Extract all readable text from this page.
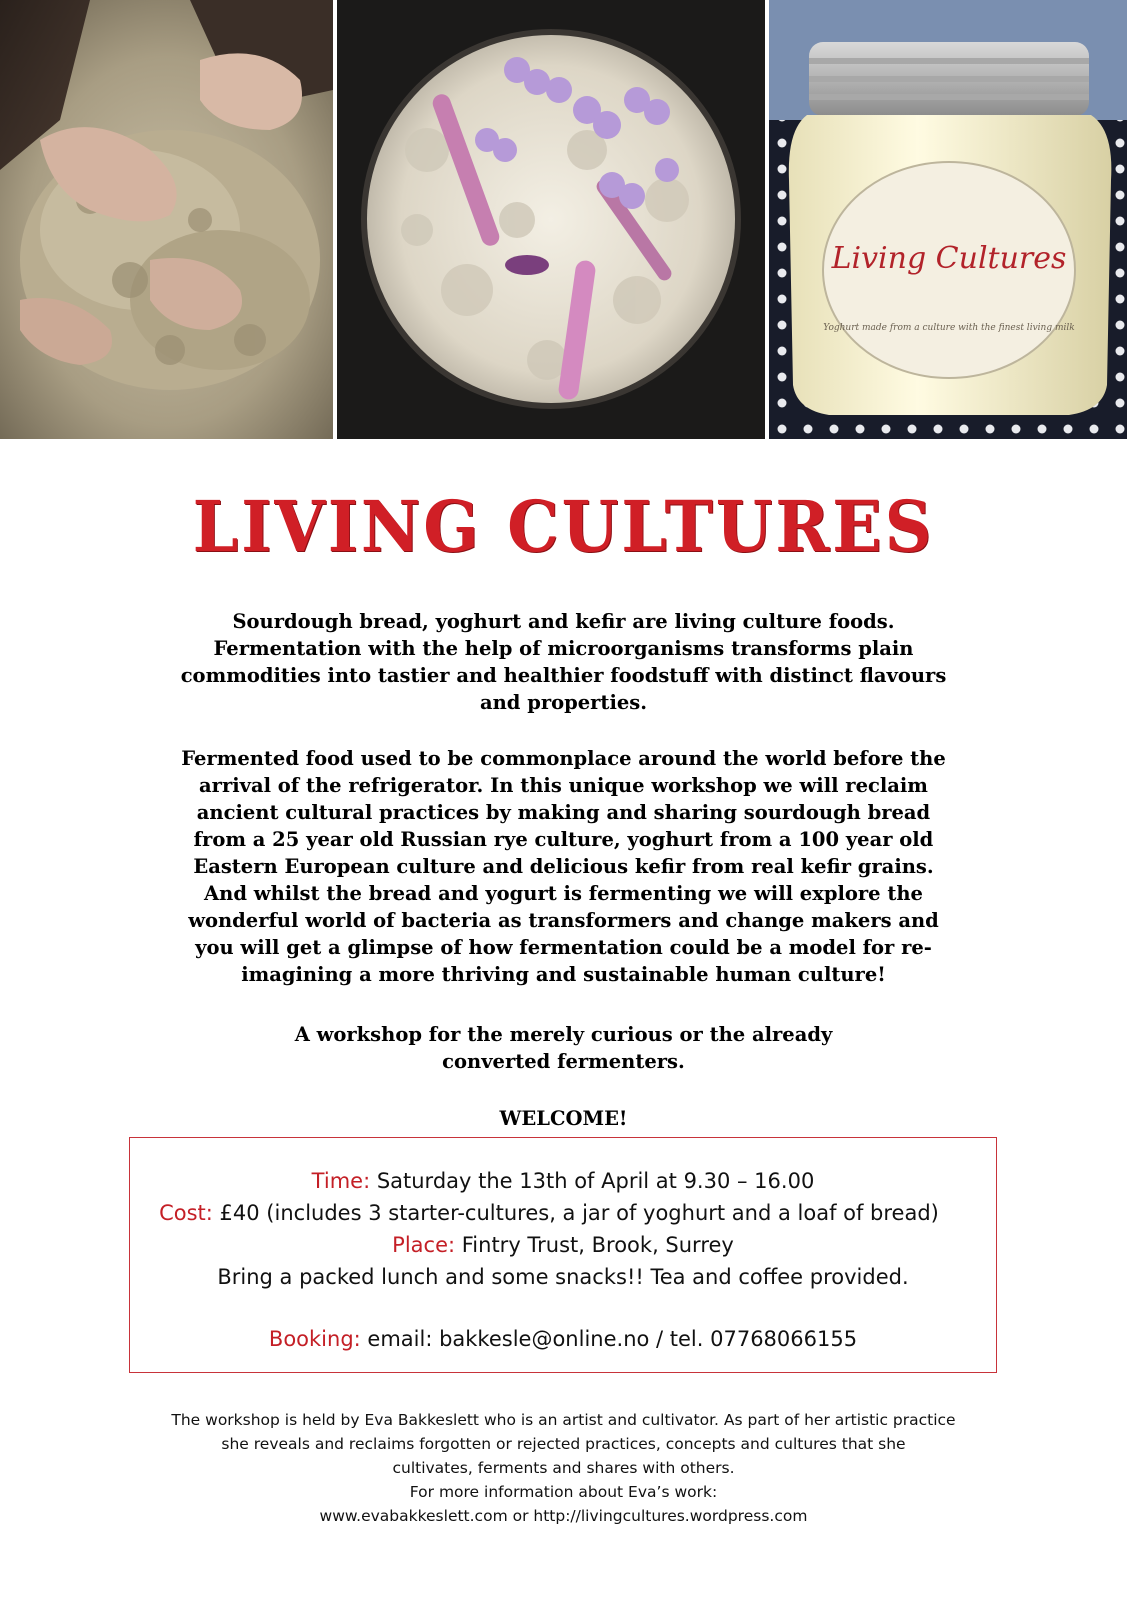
Living Cultures
Yoghurt made from a culture with the finest living milk
LIVING CULTURES
Sourdough bread, yoghurt and kefir are living culture foods.
Fermentation with the help of microorganisms transforms plain
commodities into tastier and healthier foodstuff with distinct flavours
and properties.
Fermented food used to be commonplace around the world before the
arrival of the refrigerator. In this unique workshop we will reclaim
ancient cultural practices by making and sharing sourdough bread
from a 25 year old Russian rye culture, yoghurt from a 100 year old
Eastern European culture and delicious kefir from real kefir grains.
And whilst the bread and yogurt is fermenting we will explore the
wonderful world of bacteria as transformers and change makers and
you will get a glimpse of how fermentation could be a model for re-
imagining a more thriving and sustainable human culture!
A workshop for the merely curious or the already
converted fermenters.
WELCOME!
Time: Saturday the 13th of April at 9.30 – 16.00
Cost: £40 (includes 3 starter-cultures, a jar of yoghurt and a loaf of bread)
Place: Fintry Trust, Brook, Surrey
Bring a packed lunch and some snacks!! Tea and coffee provided.
Booking: email: bakkesle@online.no / tel. 07768066155
The workshop is held by Eva Bakkeslett who is an artist and cultivator. As part of her artistic practice
she reveals and reclaims forgotten or rejected practices, concepts and cultures that she
cultivates, ferments and shares with others.
For more information about Eva’s work:
www.evabakkeslett.com or http://livingcultures.wordpress.com
